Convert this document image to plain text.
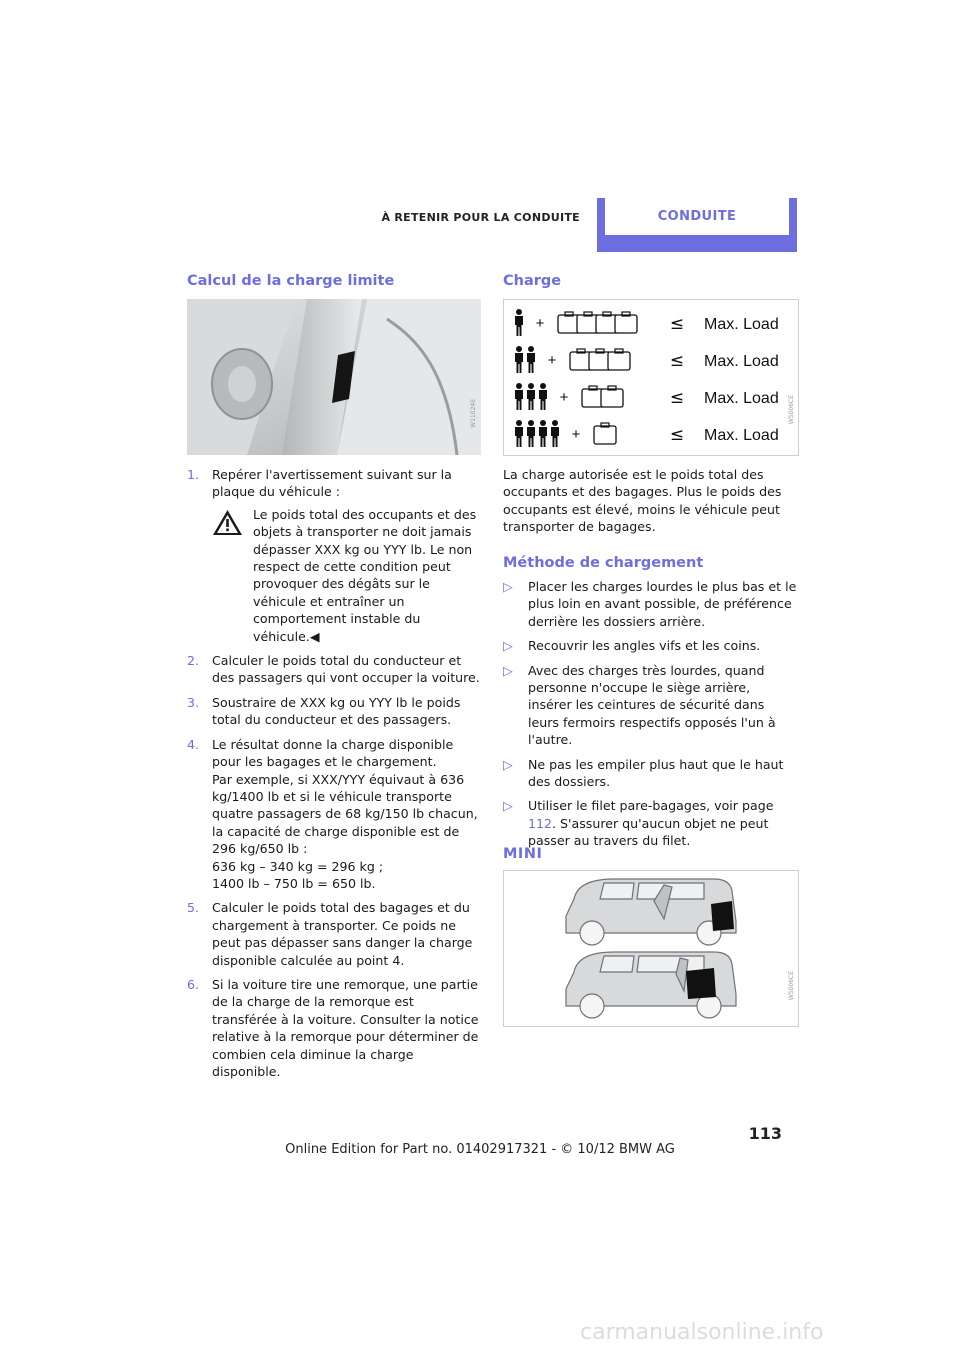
À RETENIR POUR LA CONDUITE	CONDUITE
Calcul de la charge limite
W11024E
1. Repérer l'avertissement suivant sur la plaque du véhicule :
Le poids total des occupants et des objets à transporter ne doit jamais dépasser XXX kg ou YYY lb. Le non respect de cette condition peut provoquer des dégâts sur le véhicule et entraîner un comportement instable du véhicule.◀
2. Calculer le poids total du conducteur et des passagers qui vont occuper la voiture.
3. Soustraire de XXX kg ou YYY lb le poids total du conducteur et des passagers.
4. Le résultat donne la charge disponible pour les bagages et le chargement.
Par exemple, si XXX/YYY équivaut à 636 kg/1400 lb et si le véhicule transporte quatre passagers de 68 kg/150 lb chacun, la capacité de charge disponible est de 296 kg/650 lb :
636 kg – 340 kg = 296 kg ;
1400 lb – 750 lb = 650 lb.
5. Calculer le poids total des bagages et du chargement à transporter. Ce poids ne peut pas dépasser sans danger la charge disponible calculée au point 4.
6. Si la voiture tire une remorque, une partie de la charge de la remorque est transférée à la voiture. Consulter la notice relative à la remorque pour déterminer de combien cela diminue la charge disponible.
Charge
+	≤ Max. Load
+	≤ Max. Load
+	≤ Max. Load
+	≤ Max. Load
W5006CE
La charge autorisée est le poids total des occupants et des bagages. Plus le poids des occupants est élevé, moins le véhicule peut transporter de bagages.
Méthode de chargement
▷ Placer les charges lourdes le plus bas et le plus loin en avant possible, de préférence derrière les dossiers arrière.
▷ Recouvrir les angles vifs et les coins.
▷ Avec des charges très lourdes, quand personne n'occupe le siège arrière, insérer les ceintures de sécurité dans leurs fermoirs respectifs opposés l'un à l'autre.
▷ Ne pas les empiler plus haut que le haut des dossiers.
▷ Utiliser le filet pare-bagages, voir page 112. S'assurer qu'aucun objet ne peut passer au travers du filet.
MINI
W5006CE
113
Online Edition for Part no. 01402917321 - © 10/12 BMW AG
carmanualsonline.info
